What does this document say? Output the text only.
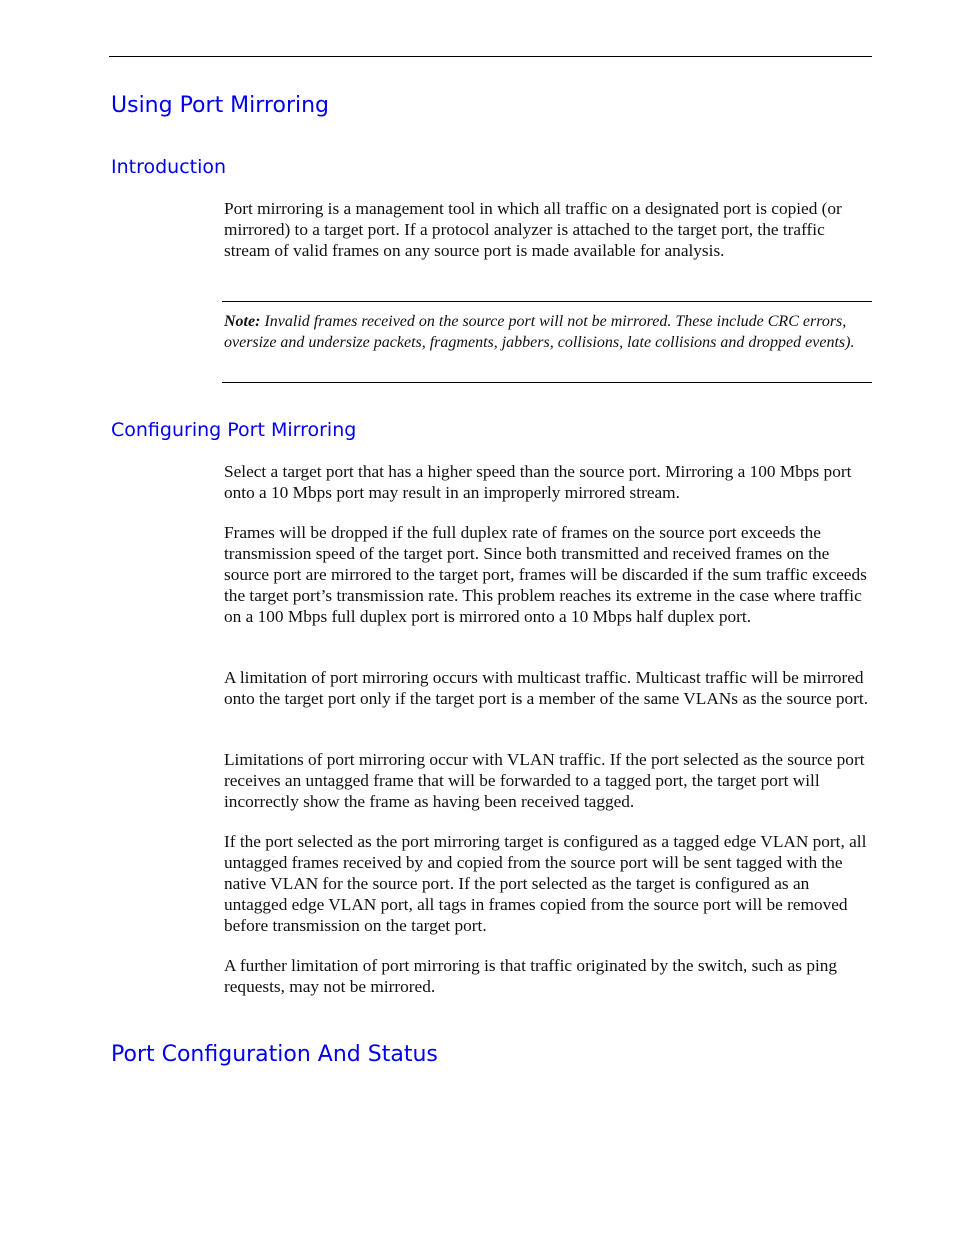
Using Port Mirroring
Introduction

Port mirroring is a management tool in which all traffic on a designated port is copied (or mirrored) to a target port. If a protocol analyzer is attached to the target port, the traffic stream of valid frames on any source port is made available for analysis.

Note: Invalid frames received on the source port will not be mirrored. These include CRC errors, oversize and undersize packets, fragments, jabbers, collisions, late collisions and dropped events).

Configuring Port Mirroring

Select a target port that has a higher speed than the source port. Mirroring a 100 Mbps port onto a 10 Mbps port may result in an improperly mirrored stream.

Frames will be dropped if the full duplex rate of frames on the source port exceeds the transmission speed of the target port. Since both transmitted and received frames on the source port are mirrored to the target port, frames will be discarded if the sum traffic exceeds the target port’s transmission rate. This problem reaches its extreme in the case where traffic on a 100 Mbps full duplex port is mirrored onto a 10 Mbps half duplex port.

A limitation of port mirroring occurs with multicast traffic. Multicast traffic will be mirrored onto the target port only if the target port is a member of the same VLANs as the source port.

Limitations of port mirroring occur with VLAN traffic. If the port selected as the source port receives an untagged frame that will be forwarded to a tagged port, the target port will incorrectly show the frame as having been received tagged.

If the port selected as the port mirroring target is configured as a tagged edge VLAN port, all untagged frames received by and copied from the source port will be sent tagged with the native VLAN for the source port. If the port selected as the target is configured as an untagged edge VLAN port, all tags in frames copied from the source port will be removed before transmission on the target port.

A further limitation of port mirroring is that traffic originated by the switch, such as ping requests, may not be mirrored.

Port Configuration And Status
